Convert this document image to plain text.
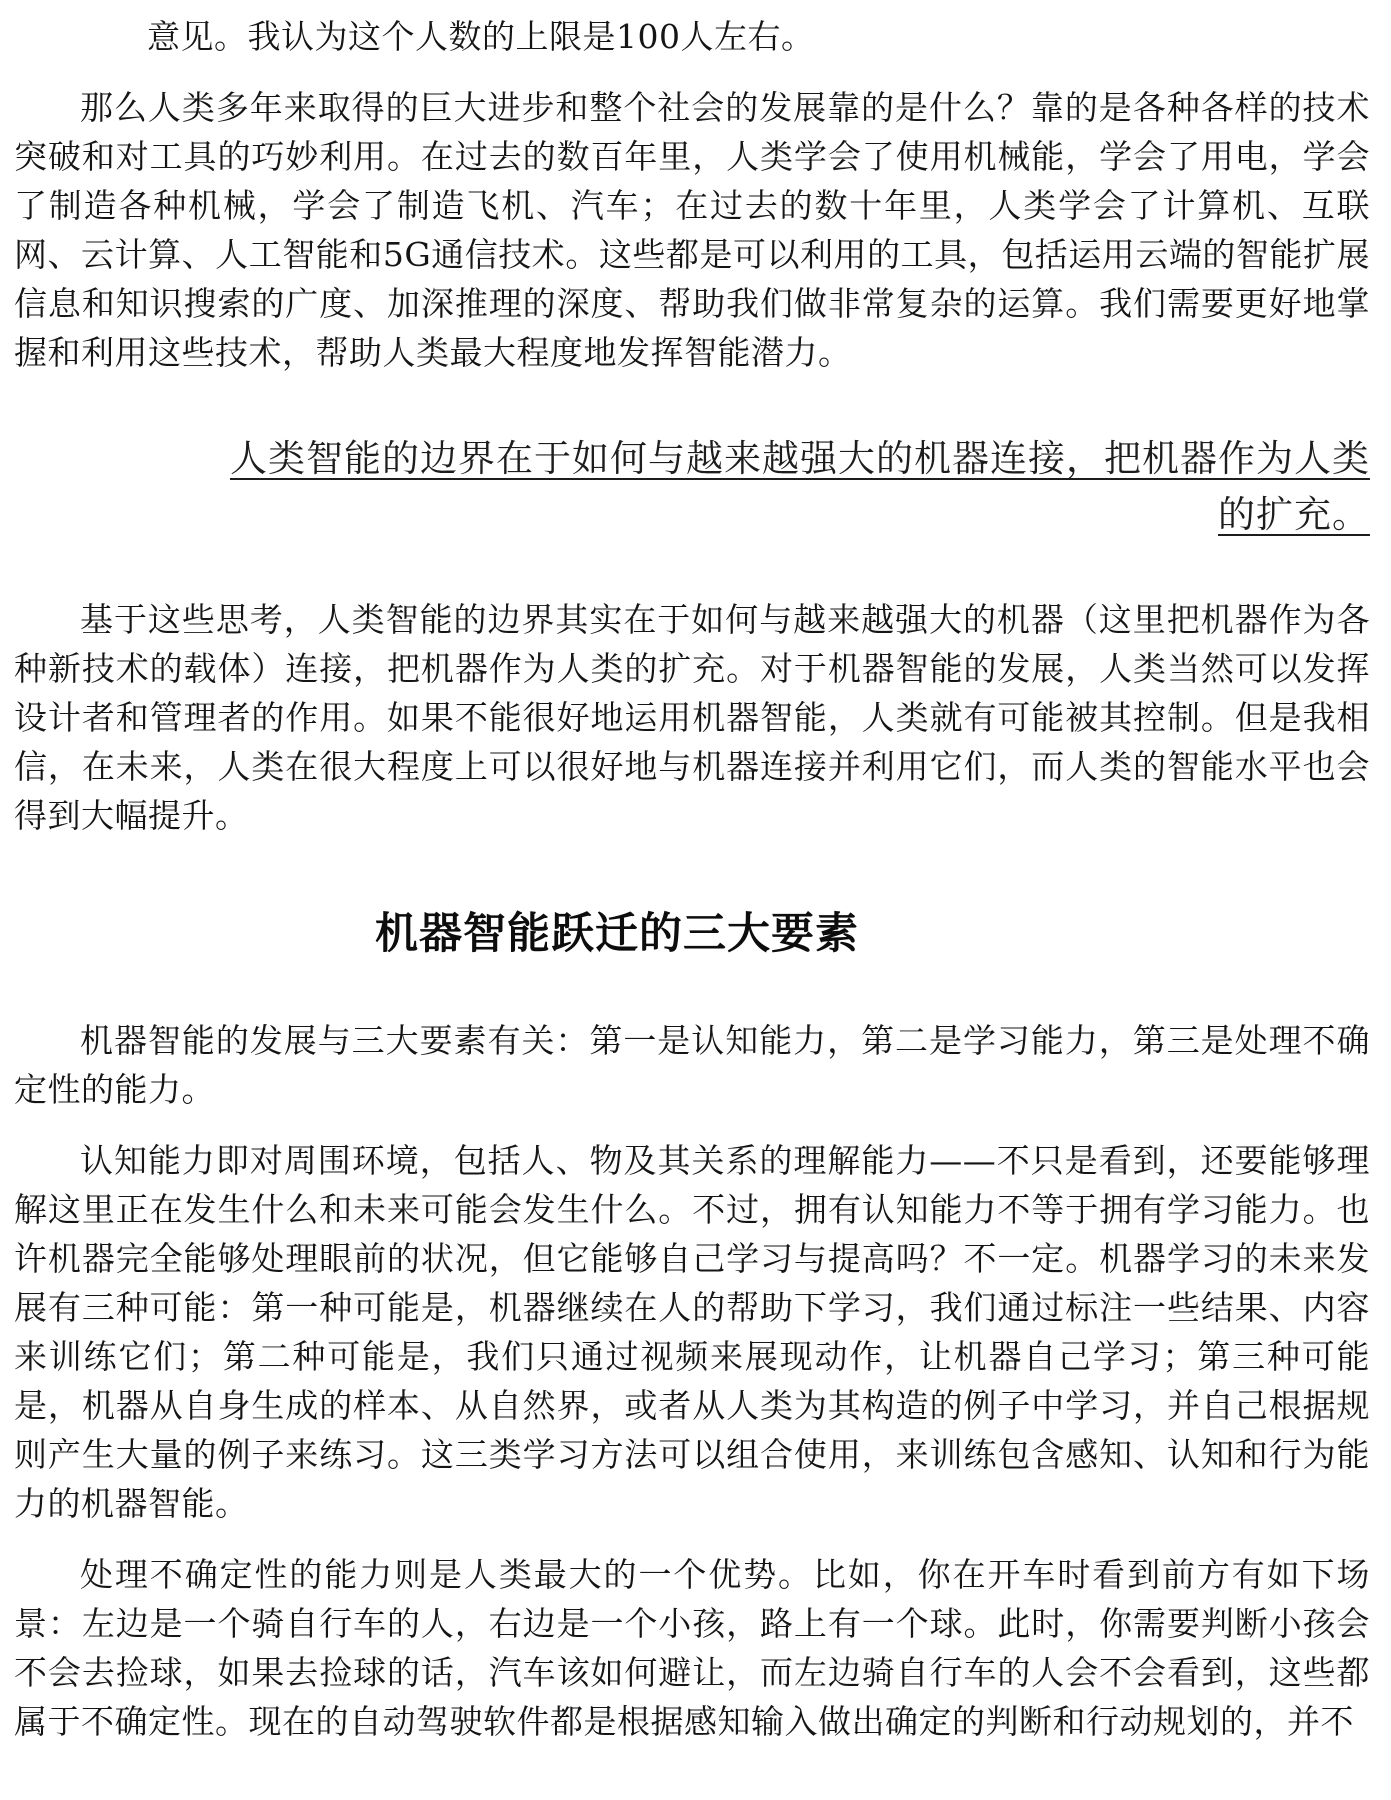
意见。我认为这个人数的上限是100人左右。

那么人类多年来取得的巨大进步和整个社会的发展靠的是什么？靠的是各种各样的技术突破和对工具的巧妙利用。在过去的数百年里，人类学会了使用机械能，学会了用电，学会了制造各种机械，学会了制造飞机、汽车；在过去的数十年里，人类学会了计算机、互联网、云计算、人工智能和5G通信技术。这些都是可以利用的工具，包括运用云端的智能扩展信息和知识搜索的广度、加深推理的深度、帮助我们做非常复杂的运算。我们需要更好地掌握和利用这些技术，帮助人类最大程度地发挥智能潜力。

人类智能的边界在于如何与越来越强大的机器连接，把机器作为人类的扩充。

基于这些思考，人类智能的边界其实在于如何与越来越强大的机器（这里把机器作为各种新技术的载体）连接，把机器作为人类的扩充。对于机器智能的发展，人类当然可以发挥设计者和管理者的作用。如果不能很好地运用机器智能，人类就有可能被其控制。但是我相信，在未来，人类在很大程度上可以很好地与机器连接并利用它们，而人类的智能水平也会得到大幅提升。

机器智能跃迁的三大要素

机器智能的发展与三大要素有关：第一是认知能力，第二是学习能力，第三是处理不确定性的能力。

认知能力即对周围环境，包括人、物及其关系的理解能力——不只是看到，还要能够理解这里正在发生什么和未来可能会发生什么。不过，拥有认知能力不等于拥有学习能力。也许机器完全能够处理眼前的状况，但它能够自己学习与提高吗？不一定。机器学习的未来发展有三种可能：第一种可能是，机器继续在人的帮助下学习，我们通过标注一些结果、内容来训练它们；第二种可能是，我们只通过视频来展现动作，让机器自己学习；第三种可能是，机器从自身生成的样本、从自然界，或者从人类为其构造的例子中学习，并自己根据规则产生大量的例子来练习。这三类学习方法可以组合使用，来训练包含感知、认知和行为能力的机器智能。

处理不确定性的能力则是人类最大的一个优势。比如，你在开车时看到前方有如下场景：左边是一个骑自行车的人，右边是一个小孩，路上有一个球。此时，你需要判断小孩会不会去捡球，如果去捡球的话，汽车该如何避让，而左边骑自行车的人会不会看到，这些都属于不确定性。现在的自动驾驶软件都是根据感知输入做出确定的判断和行动规划的，并不
